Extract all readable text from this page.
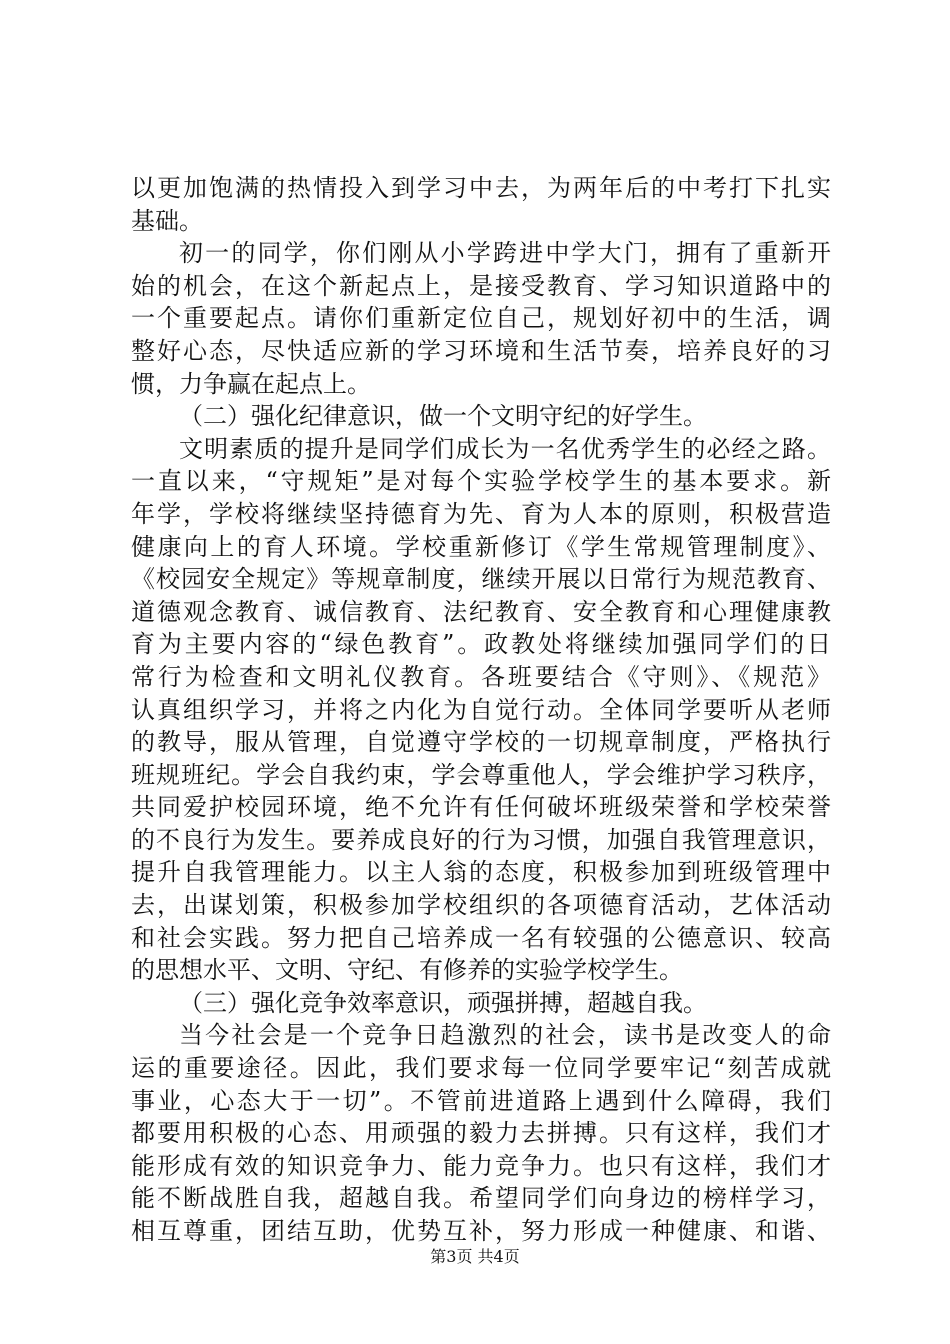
以更加饱满的热情投入到学习中去，为两年后的中考打下扎实
基础。
初一的同学，你们刚从小学跨进中学大门，拥有了重新开
始的机会，在这个新起点上，是接受教育、学习知识道路中的
一个重要起点。请你们重新定位自己，规划好初中的生活，调
整好心态，尽快适应新的学习环境和生活节奏，培养良好的习
惯，力争赢在起点上。
（二）强化纪律意识，做一个文明守纪的好学生。
文明素质的提升是同学们成长为一名优秀学生的必经之路。
一直以来，“守规矩”是对每个实验学校学生的基本要求。新
年学，学校将继续坚持德育为先、育为人本的原则，积极营造
健康向上的育人环境。学校重新修订《学生常规管理制度》、
《校园安全规定》等规章制度，继续开展以日常行为规范教育、
道德观念教育、诚信教育、法纪教育、安全教育和心理健康教
育为主要内容的“绿色教育”。政教处将继续加强同学们的日
常行为检查和文明礼仪教育。各班要结合《守则》、《规范》
认真组织学习，并将之内化为自觉行动。全体同学要听从老师
的教导，服从管理，自觉遵守学校的一切规章制度，严格执行
班规班纪。学会自我约束，学会尊重他人，学会维护学习秩序，
共同爱护校园环境，绝不允许有任何破坏班级荣誉和学校荣誉
的不良行为发生。要养成良好的行为习惯，加强自我管理意识，
提升自我管理能力。以主人翁的态度，积极参加到班级管理中
去，出谋划策，积极参加学校组织的各项德育活动，艺体活动
和社会实践。努力把自己培养成一名有较强的公德意识、较高
的思想水平、文明、守纪、有修养的实验学校学生。
（三）强化竞争效率意识，顽强拼搏，超越自我。
当今社会是一个竞争日趋激烈的社会，读书是改变人的命
运的重要途径。因此，我们要求每一位同学要牢记“刻苦成就
事业，心态大于一切”。不管前进道路上遇到什么障碍，我们
都要用积极的心态、用顽强的毅力去拼搏。只有这样，我们才
能形成有效的知识竞争力、能力竞争力。也只有这样，我们才
能不断战胜自我，超越自我。希望同学们向身边的榜样学习，
相互尊重，团结互助，优势互补，努力形成一种健康、和谐、
第3页 共4页
